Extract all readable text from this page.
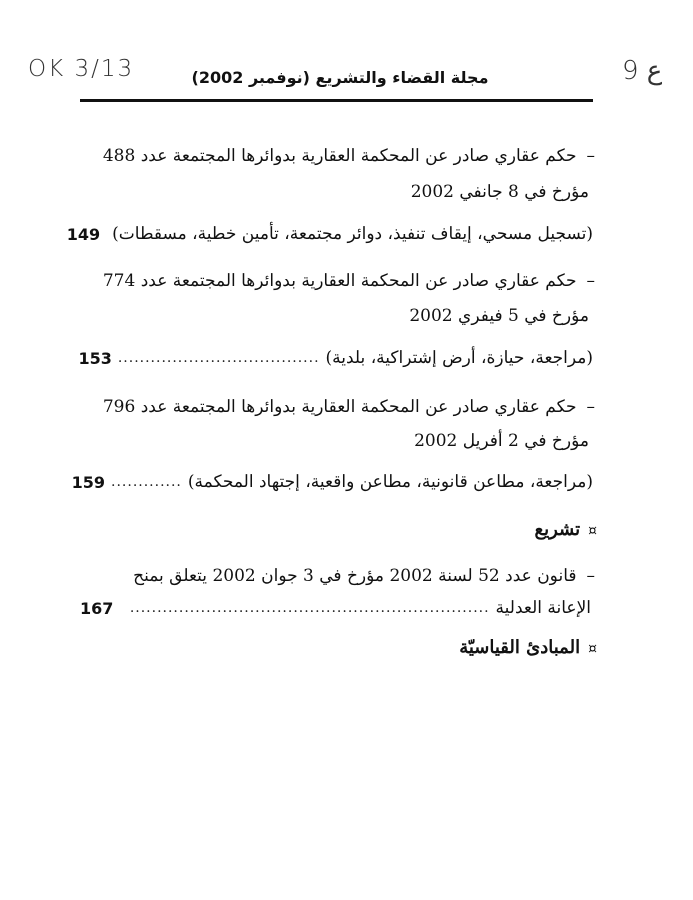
OK 3/13	ع 9
مجلة القضاء والتشريع (نوفمبر 2002)
–حكم عقاري صادر عن المحكمة العقارية بدوائرها المجتمعة عدد 488
مؤرخ في 8 جانفي 2002
(تسجيل مسحي، إيقاف تنفيذ، دوائر مجتمعة، تأمين خطية، مسقطات)
149
–حكم عقاري صادر عن المحكمة العقارية بدوائرها المجتمعة عدد 774
مؤرخ في 5 فيفري 2002
(مراجعة، حيازة، أرض إشتراكية، بلدية)
.....................................
153
–حكم عقاري صادر عن المحكمة العقارية بدوائرها المجتمعة عدد 796
مؤرخ في 2 أفريل 2002
(مراجعة، مطاعن قانونية، مطاعن واقعية، إجتهاد المحكمة)
.............
159
¤تشريع
–قانون عدد 52 لسنة 2002 مؤرخ في 3 جوان 2002 يتعلق بمنح
الإعانة العدلية
..................................................................
167
¤المبادئ القياسيّة
